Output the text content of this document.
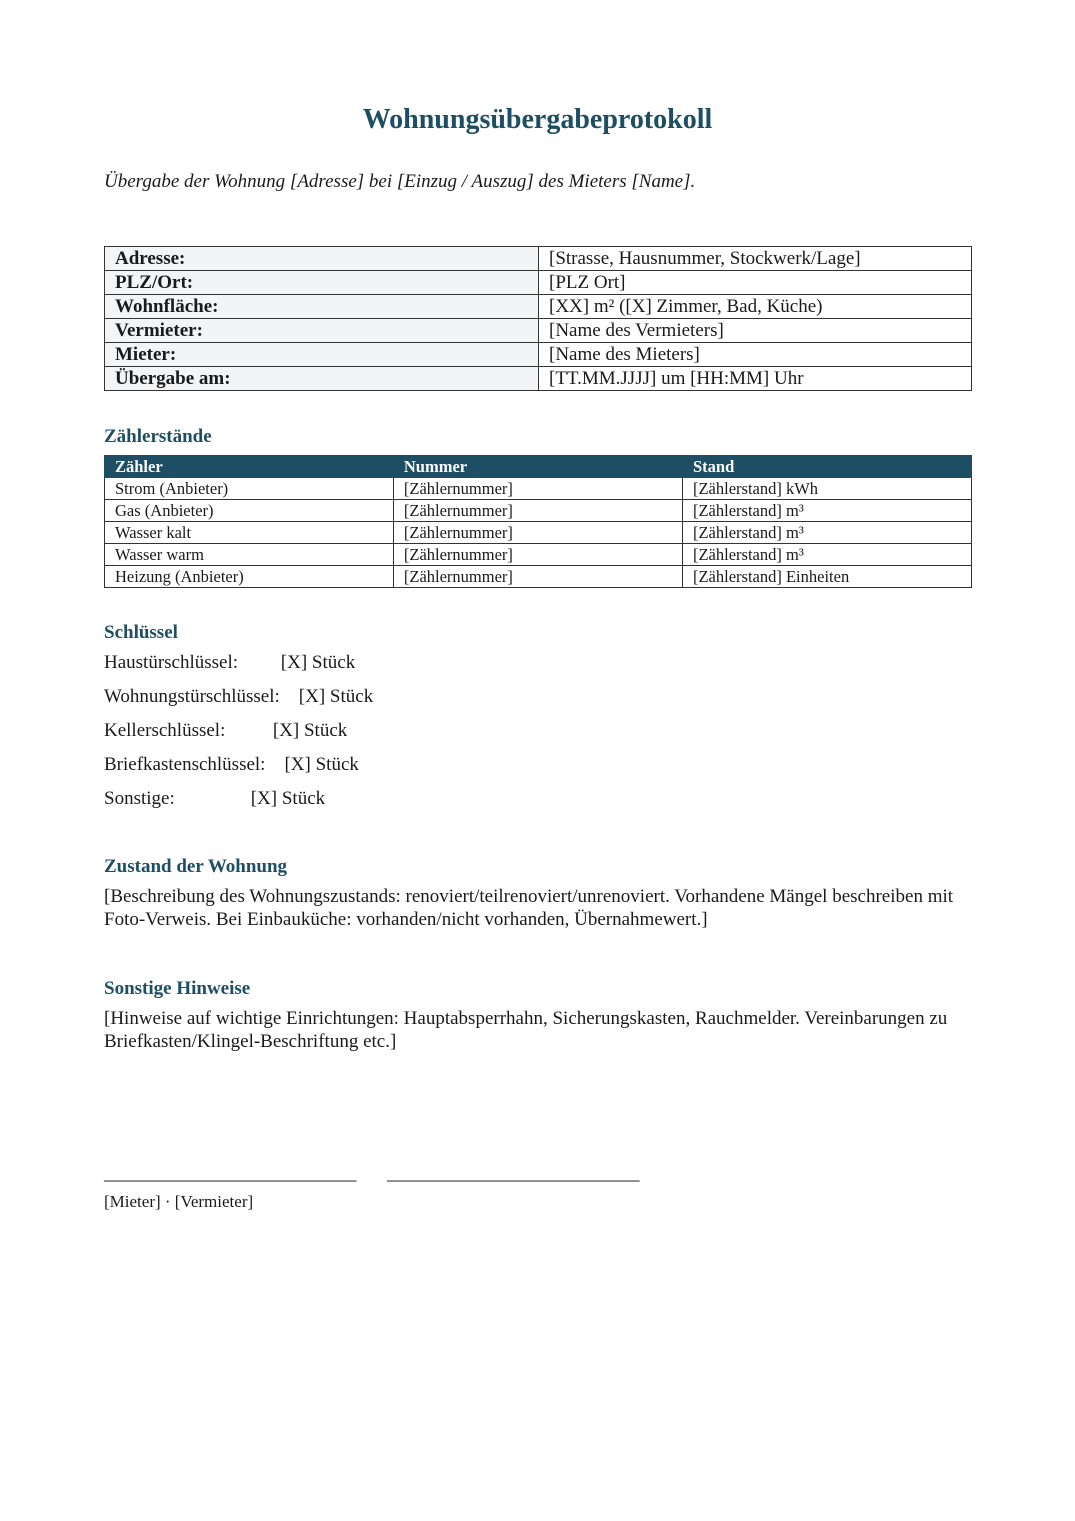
Wohnungsübergabeprotokoll
Übergabe der Wohnung [Adresse] bei [Einzug / Auszug] des Mieters [Name].
Adresse:	[Strasse, Hausnummer, Stockwerk/Lage]
PLZ/Ort:	[PLZ Ort]
Wohnfläche:	[XX] m² ([X] Zimmer, Bad, Küche)
Vermieter:	[Name des Vermieters]
Mieter:	[Name des Mieters]
Übergabe am:	[TT.MM.JJJJ] um [HH:MM] Uhr
Zählerstände
Zähler	Nummer	Stand
Strom (Anbieter)	[Zählernummer]	[Zählerstand] kWh
Gas (Anbieter)	[Zählernummer]	[Zählerstand] m³
Wasser kalt	[Zählernummer]	[Zählerstand] m³
Wasser warm	[Zählernummer]	[Zählerstand] m³
Heizung (Anbieter)	[Zählernummer]	[Zählerstand] Einheiten
Schlüssel
Haustürschlüssel: [X] Stück
Wohnungstürschlüssel: [X] Stück
Kellerschlüssel:	[X] Stück
Briefkastenschlüssel: [X] Stück
Sonstige:	[X] Stück
Zustand der Wohnung
[Beschreibung des Wohnungszustands: renoviert/teilrenoviert/unrenoviert. Vorhandene Mängel beschreiben mit Foto-Verweis. Bei Einbauküche: vorhanden/nicht vorhanden, Übernahmewert.]
Sonstige Hinweise
[Hinweise auf wichtige Einrichtungen: Hauptabsperrhahn, Sicherungskasten, Rauchmelder. Vereinbarungen zu Briefkasten/Klingel-Beschriftung etc.]
____________________________ ____________________________
[Mieter] · [Vermieter]
